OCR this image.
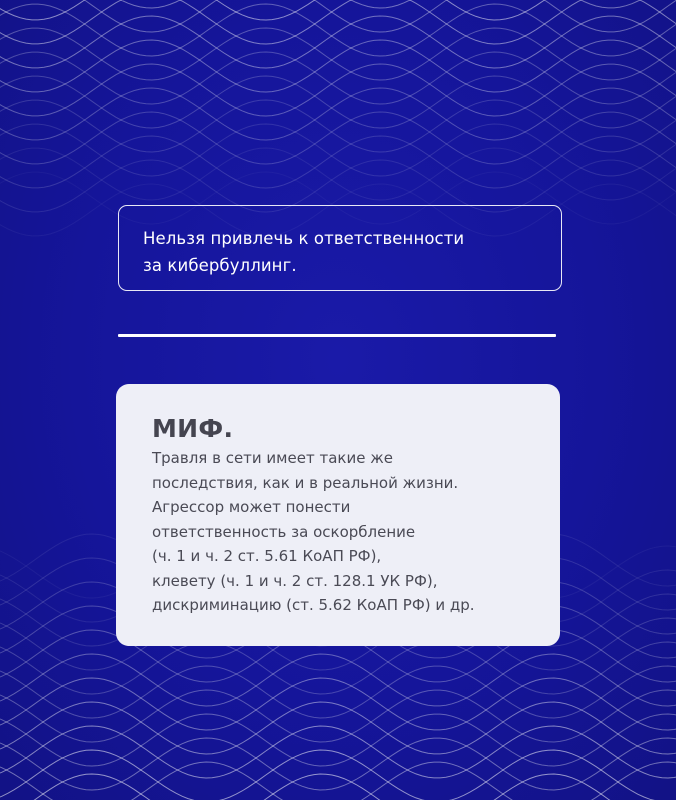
Нельзя привлечь к ответственности

за кибербуллинг.

МИФ.

Травля в сети имеет такие же
последствия, как и в реальной жизни.
Агрессор может понести
ответственность за оскорбление
(ч. 1 и ч. 2 ст. 5.61 КоАП РФ),
клевету (ч. 1 и ч. 2 ст. 128.1 УК РФ),
дискриминацию (ст. 5.62 КоАП РФ) и др.
